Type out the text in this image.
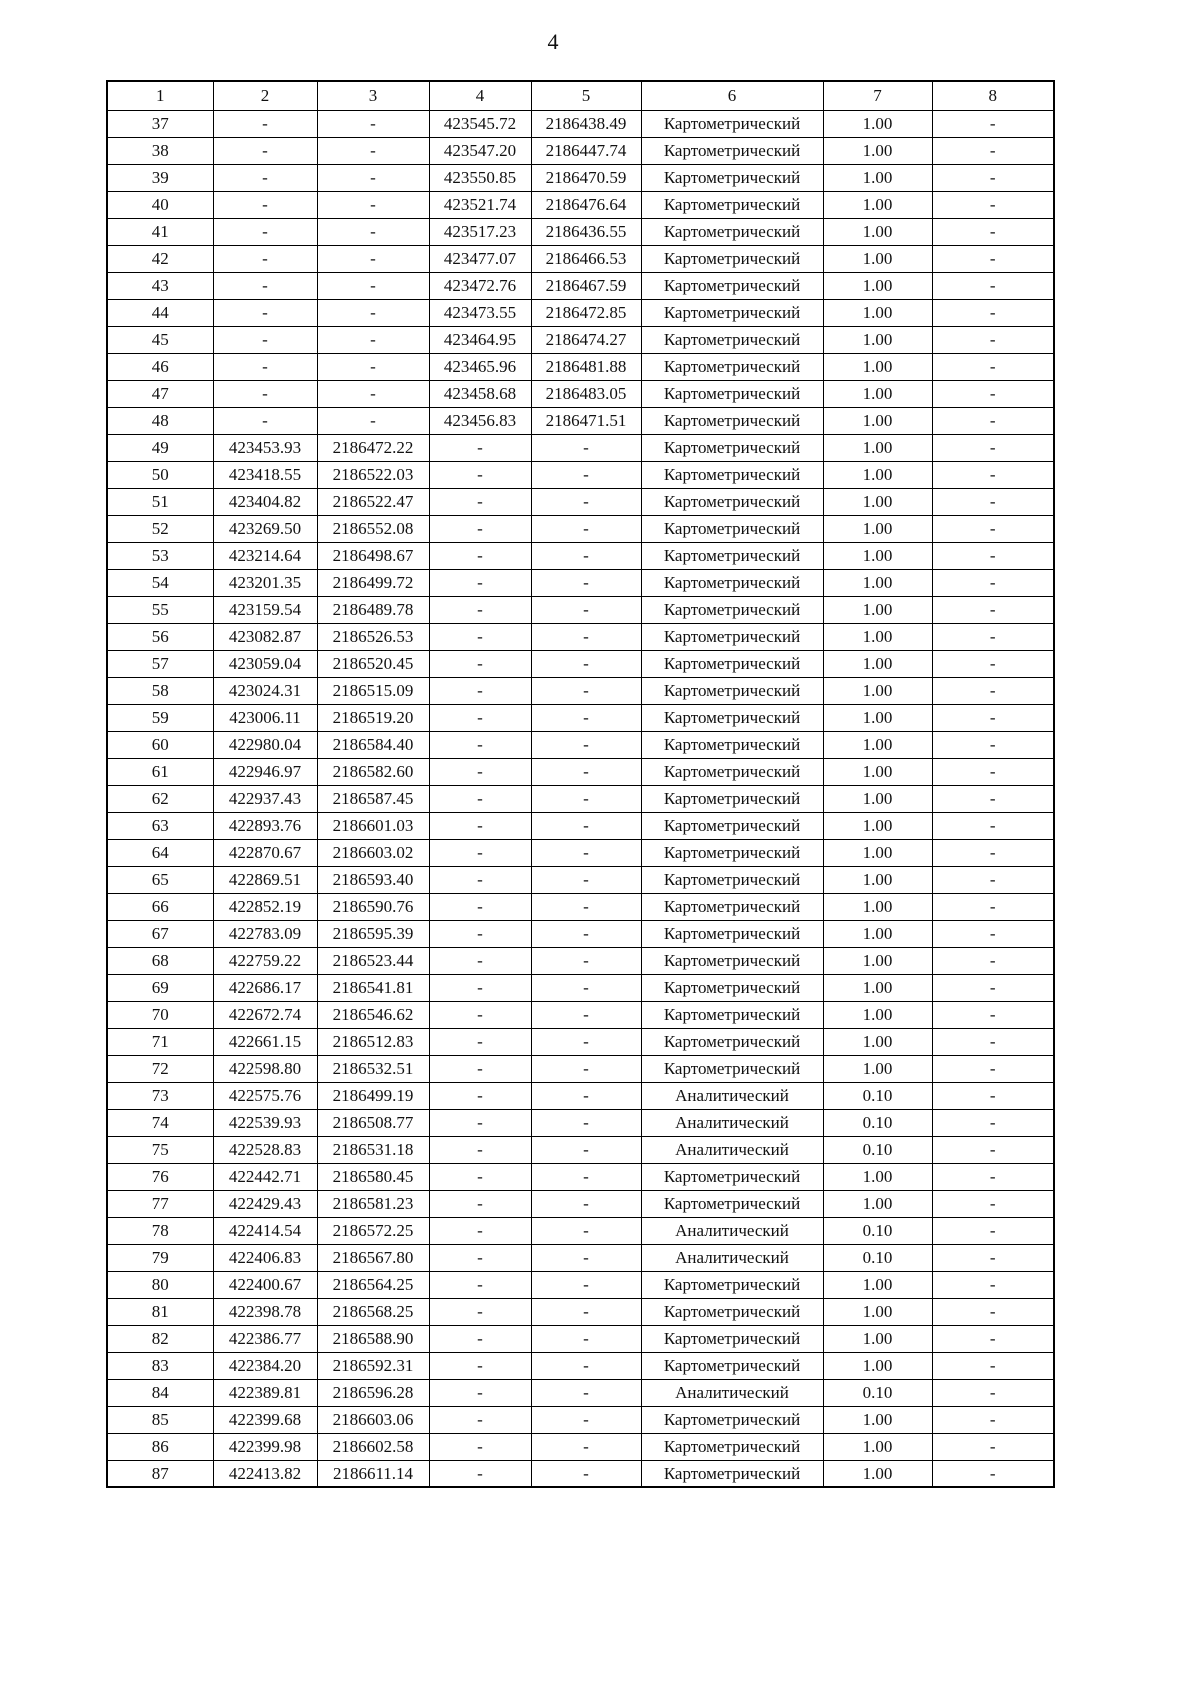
4
1	2	3	4	5	6	7	8
37	-	-	423545.72	2186438.49	Картометрический	1.00	-
38	-	-	423547.20	2186447.74	Картометрический	1.00	-
39	-	-	423550.85	2186470.59	Картометрический	1.00	-
40	-	-	423521.74	2186476.64	Картометрический	1.00	-
41	-	-	423517.23	2186436.55	Картометрический	1.00	-
42	-	-	423477.07	2186466.53	Картометрический	1.00	-
43	-	-	423472.76	2186467.59	Картометрический	1.00	-
44	-	-	423473.55	2186472.85	Картометрический	1.00	-
45	-	-	423464.95	2186474.27	Картометрический	1.00	-
46	-	-	423465.96	2186481.88	Картометрический	1.00	-
47	-	-	423458.68	2186483.05	Картометрический	1.00	-
48	-	-	423456.83	2186471.51	Картометрический	1.00	-
49	423453.93	2186472.22	-	-	Картометрический	1.00	-
50	423418.55	2186522.03	-	-	Картометрический	1.00	-
51	423404.82	2186522.47	-	-	Картометрический	1.00	-
52	423269.50	2186552.08	-	-	Картометрический	1.00	-
53	423214.64	2186498.67	-	-	Картометрический	1.00	-
54	423201.35	2186499.72	-	-	Картометрический	1.00	-
55	423159.54	2186489.78	-	-	Картометрический	1.00	-
56	423082.87	2186526.53	-	-	Картометрический	1.00	-
57	423059.04	2186520.45	-	-	Картометрический	1.00	-
58	423024.31	2186515.09	-	-	Картометрический	1.00	-
59	423006.11	2186519.20	-	-	Картометрический	1.00	-
60	422980.04	2186584.40	-	-	Картометрический	1.00	-
61	422946.97	2186582.60	-	-	Картометрический	1.00	-
62	422937.43	2186587.45	-	-	Картометрический	1.00	-
63	422893.76	2186601.03	-	-	Картометрический	1.00	-
64	422870.67	2186603.02	-	-	Картометрический	1.00	-
65	422869.51	2186593.40	-	-	Картометрический	1.00	-
66	422852.19	2186590.76	-	-	Картометрический	1.00	-
67	422783.09	2186595.39	-	-	Картометрический	1.00	-
68	422759.22	2186523.44	-	-	Картометрический	1.00	-
69	422686.17	2186541.81	-	-	Картометрический	1.00	-
70	422672.74	2186546.62	-	-	Картометрический	1.00	-
71	422661.15	2186512.83	-	-	Картометрический	1.00	-
72	422598.80	2186532.51	-	-	Картометрический	1.00	-
73	422575.76	2186499.19	-	-	Аналитический	0.10	-
74	422539.93	2186508.77	-	-	Аналитический	0.10	-
75	422528.83	2186531.18	-	-	Аналитический	0.10	-
76	422442.71	2186580.45	-	-	Картометрический	1.00	-
77	422429.43	2186581.23	-	-	Картометрический	1.00	-
78	422414.54	2186572.25	-	-	Аналитический	0.10	-
79	422406.83	2186567.80	-	-	Аналитический	0.10	-
80	422400.67	2186564.25	-	-	Картометрический	1.00	-
81	422398.78	2186568.25	-	-	Картометрический	1.00	-
82	422386.77	2186588.90	-	-	Картометрический	1.00	-
83	422384.20	2186592.31	-	-	Картометрический	1.00	-
84	422389.81	2186596.28	-	-	Аналитический	0.10	-
85	422399.68	2186603.06	-	-	Картометрический	1.00	-
86	422399.98	2186602.58	-	-	Картометрический	1.00	-
87	422413.82	2186611.14	-	-	Картометрический	1.00	-
